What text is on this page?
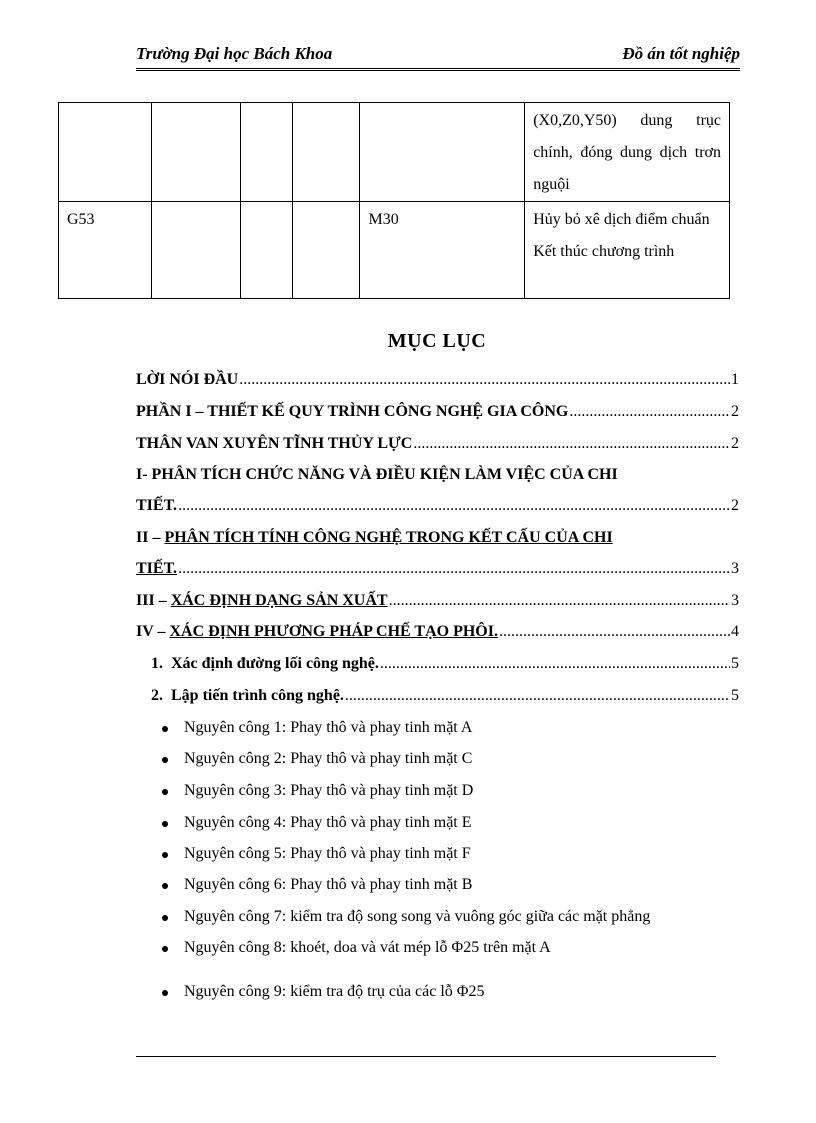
Trường Đại học Bách Khoa	Đồ án tốt nghiệp
					(X0,Z0,Y50) dung trục chính, đóng dung dịch trơn nguội
G53				M30	Hủy bỏ xê dịch điểm chuẩn
Kết thúc chương trình
MỤC LỤC
LỜI NÓI ĐẦU .....	1
PHẦN I – THIẾT KẾ QUY TRÌNH CÔNG NGHỆ GIA CÔNG .....	2
THÂN VAN XUYÊN TĨNH THỦY LỰC .....	2
I- PHÂN TÍCH CHỨC NĂNG VÀ ĐIỀU KIỆN LÀM VIỆC CỦA CHI
TIẾT. .....	2
II – PHÂN TÍCH TÍNH CÔNG NGHỆ TRONG KẾT CẤU CỦA CHI
TIẾT. .....	3
III – XÁC ĐỊNH DẠNG SẢN XUẤT .....	3
IV – XÁC ĐỊNH PHƯƠNG PHÁP CHẾ TẠO PHÔI. .....	4
1. Xác định đường lối công nghệ. .....	5
2. Lập tiến trình công nghệ. .....	5
Nguyên công 1: Phay thô và phay tinh mặt A
Nguyên công 2: Phay thô và phay tinh mặt C
Nguyên công 3: Phay thô và phay tinh mặt D
Nguyên công 4: Phay thô và phay tinh mặt E
Nguyên công 5: Phay thô và phay tinh mặt F
Nguyên công 6: Phay thô và phay tinh mặt B
Nguyên công 7: kiểm tra độ song song và vuông góc giữa các mặt phẳng
Nguyên công 8: khoét, doa và vát mép lỗ Φ25 trên mặt A
Nguyên công 9: kiểm tra độ trụ của các lỗ Φ25
